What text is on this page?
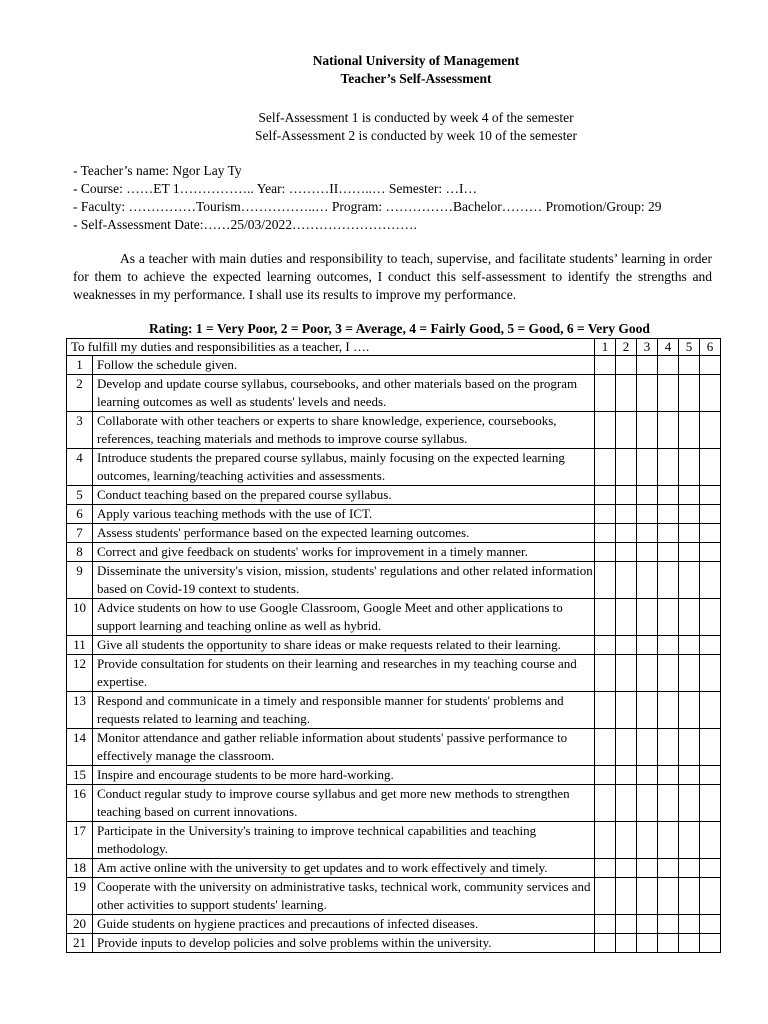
National University of Management
Teacher’s Self-Assessment
Self-Assessment 1 is conducted by week 4 of the semester
Self-Assessment 2 is conducted by week 10 of the semester
- Teacher’s name: Ngor Lay Ty
- Course: ……ET 1…………….. Year: ………II……..… Semester: …I…
- Faculty: ……………Tourism……………..… Program: ……………Bachelor……… Promotion/Group: 29
- Self-Assessment Date:……25/03/2022……………………….
As a teacher with main duties and responsibility to teach, supervise, and facilitate students’ learning in order for them to achieve the expected learning outcomes, I conduct this self-assessment to identify the strengths and weaknesses in my performance. I shall use its results to improve my performance.
Rating: 1 = Very Poor, 2 = Poor, 3 = Average, 4 = Fairly Good, 5 = Good, 6 = Very Good
To fulfill my duties and responsibilities as a teacher, I ….		1	2	3	4	5	6
1	Follow the schedule given.						
2	Develop and update course syllabus, coursebooks, and other materials based on the program learning outcomes as well as students' levels and needs.						
3	Collaborate with other teachers or experts to share knowledge, experience, coursebooks, references, teaching materials and methods to improve course syllabus.						
4	Introduce students the prepared course syllabus, mainly focusing on the expected learning outcomes, learning/teaching activities and assessments.						
5	Conduct teaching based on the prepared course syllabus.						
6	Apply various teaching methods with the use of ICT.						
7	Assess students' performance based on the expected learning outcomes.						
8	Correct and give feedback on students' works for improvement in a timely manner.						
9	Disseminate the university's vision, mission, students' regulations and other related information based on Covid-19 context to students.						
10	Advice students on how to use Google Classroom, Google Meet and other applications to support learning and teaching online as well as hybrid.						
11	Give all students the opportunity to share ideas or make requests related to their learning.						
12	Provide consultation for students on their learning and researches in my teaching course and expertise.						
13	Respond and communicate in a timely and responsible manner for students' problems and requests related to learning and teaching.						
14	Monitor attendance and gather reliable information about students' passive performance to effectively manage the classroom.						
15	Inspire and encourage students to be more hard-working.						
16	Conduct regular study to improve course syllabus and get more new methods to strengthen teaching based on current innovations.						
17	Participate in the University's training to improve technical capabilities and teaching methodology.						
18	Am active online with the university to get updates and to work effectively and timely.						
19	Cooperate with the university on administrative tasks, technical work, community services and other activities to support students' learning.						
20	Guide students on hygiene practices and precautions of infected diseases.						
21	Provide inputs to develop policies and solve problems within the university.						
